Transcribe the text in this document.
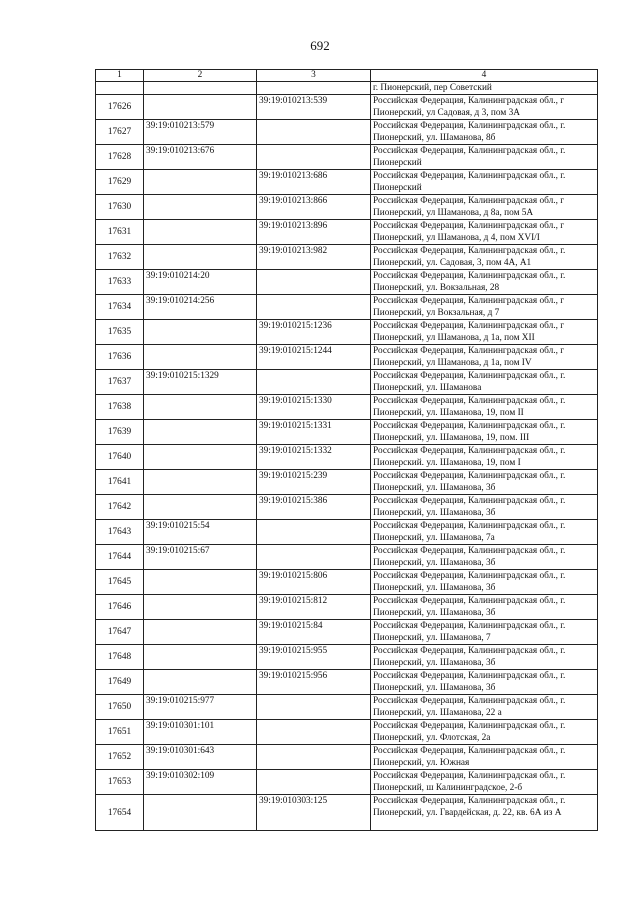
692
1	2	3	4
			г. Пионерский, пер Советский
17626		39:19:010213:539	Российская Федерация, Калининградская обл., г Пионерский, ул Садовая, д 3, пом 3А
17627	39:19:010213:579		Российская Федерация, Калининградская обл., г. Пионерский, ул. Шаманова, 8б
17628	39:19:010213:676		Российская Федерация, Калининградская обл., г. Пионерский
17629		39:19:010213:686	Российская Федерация, Калининградская обл., г. Пионерский
17630		39:19:010213:866	Российская Федерация, Калининградская обл., г Пионерский, ул Шаманова, д 8а, пом 5А
17631		39:19:010213:896	Российская Федерация, Калининградская обл., г Пионерский, ул Шаманова, д 4, пом XVI/I
17632		39:19:010213:982	Российская Федерация, Калининградская обл., г. Пионерский, ул. Садовая, 3, пом 4А, А1
17633	39:19:010214:20		Российская Федерация, Калининградская обл., г. Пионерский, ул. Вокзальная, 28
17634	39:19:010214:256		Российская Федерация, Калининградская обл., г Пионерский, ул Вокзальная, д 7
17635		39:19:010215:1236	Российская Федерация, Калининградская обл., г Пионерский, ул Шаманова, д 1а, пом XII
17636		39:19:010215:1244	Российская Федерация, Калининградская обл., г Пионерский, ул Шаманова, д 1а, пом IV
17637	39:19:010215:1329		Российская Федерация, Калининградская обл., г. Пионерский, ул. Шаманова
17638		39:19:010215:1330	Российская Федерация, Калининградская обл., г. Пионерский, ул. Шаманова, 19, пом II
17639		39:19:010215:1331	Российская Федерация, Калининградская обл., г. Пионерский, ул. Шаманова, 19, пом. III
17640		39:19:010215:1332	Российская Федерация, Калининградская обл., г. Пионерский. ул. Шаманова, 19, пом I
17641		39:19:010215:239	Российская Федерация, Калининградская обл., г. Пионерский, ул. Шаманова, 3б
17642		39:19:010215:386	Российская Федерация, Калининградская обл., г. Пионерский, ул. Шаманова, 3б
17643	39:19:010215:54		Российская Федерация, Калининградская обл., г. Пионерский, ул. Шаманова, 7а
17644	39:19:010215:67		Российская Федерация, Калининградская обл., г. Пионерский, ул. Шаманова, 3б
17645		39:19:010215:806	Российская Федерация, Калининградская обл., г. Пионерский, ул. Шаманова, 3б
17646		39:19:010215:812	Российская Федерация, Калининградская обл., г. Пионерский, ул. Шаманова, 3б
17647		39:19:010215:84	Российская Федерация, Калининградская обл., г. Пионерский, ул. Шаманова, 7
17648		39:19:010215:955	Российская Федерация, Калининградская обл., г. Пионерский, ул. Шаманова, 3б
17649		39:19:010215:956	Российская Федерация, Калининградская обл., г. Пионерский, ул. Шаманова, 3б
17650	39:19:010215:977		Российская Федерация, Калининградская обл., г. Пионерский, ул. Шаманова, 22 а
17651	39:19:010301:101		Российская Федерация, Калининградская обл., г. Пионерский, ул. Флотская, 2а
17652	39:19:010301:643		Российская Федерация, Калининградская обл., г. Пионерский, ул. Южная
17653	39:19:010302:109		Российская Федерация, Калининградская обл., г. Пионерский, ш Калининградское, 2-б
17654		39:19:010303:125	Российская Федерация, Калининградская обл., г. Пионерский, ул. Гвардейская, д. 22, кв. 6А из А
